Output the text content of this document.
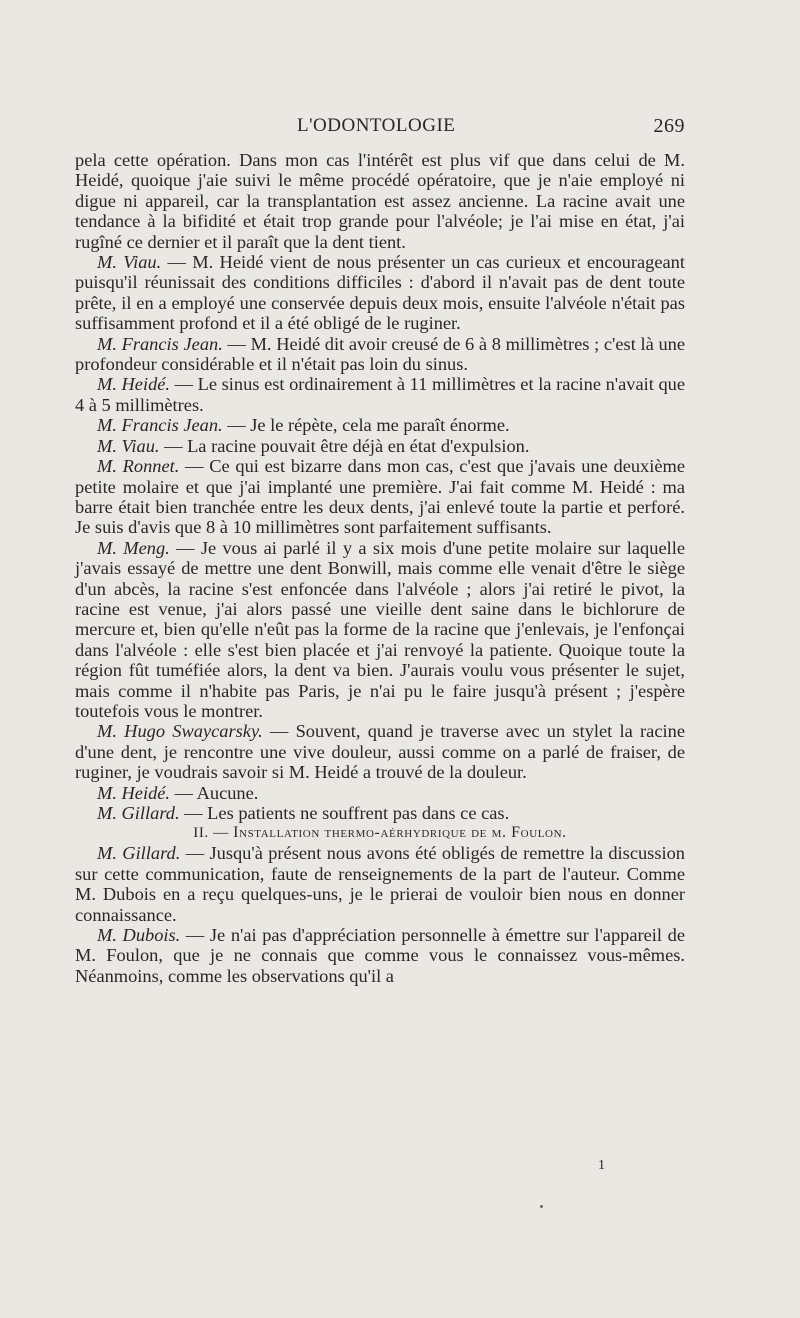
L'ODONTOLOGIE	269

pela cette opération. Dans mon cas l'intérêt est plus vif que dans celui de M. Heidé, quoique j'aie suivi le même procédé opératoire, que je n'aie employé ni digue ni appareil, car la transplantation est assez ancienne. La racine avait une tendance à la bifidité et était trop grande pour l'alvéole; je l'ai mise en état, j'ai rugîné ce dernier et il paraît que la dent tient.

M. Viau. — M. Heidé vient de nous présenter un cas curieux et encourageant puisqu'il réunissait des conditions difficiles : d'abord il n'avait pas de dent toute prête, il en a employé une conservée depuis deux mois, ensuite l'alvéole n'était pas suffisamment profond et il a été obligé de le ruginer.

M. Francis Jean. — M. Heidé dit avoir creusé de 6 à 8 millimètres ; c'est là une profondeur considérable et il n'était pas loin du sinus.

M. Heidé. — Le sinus est ordinairement à 11 millimètres et la racine n'avait que 4 à 5 millimètres.

M. Francis Jean. — Je le répète, cela me paraît énorme.

M. Viau. — La racine pouvait être déjà en état d'expulsion.

M. Ronnet. — Ce qui est bizarre dans mon cas, c'est que j'avais une deuxième petite molaire et que j'ai implanté une première. J'ai fait comme M. Heidé : ma barre était bien tranchée entre les deux dents, j'ai enlevé toute la partie et perforé. Je suis d'avis que 8 à 10 millimètres sont parfaitement suffisants.

M. Meng. — Je vous ai parlé il y a six mois d'une petite molaire sur laquelle j'avais essayé de mettre une dent Bonwill, mais comme elle venait d'être le siège d'un abcès, la racine s'est enfoncée dans l'alvéole ; alors j'ai retiré le pivot, la racine est venue, j'ai alors passé une vieille dent saine dans le bichlorure de mercure et, bien qu'elle n'eût pas la forme de la racine que j'enlevais, je l'enfonçai dans l'alvéole : elle s'est bien placée et j'ai renvoyé la patiente. Quoique toute la région fût tuméfiée alors, la dent va bien. J'aurais voulu vous présenter le sujet, mais comme il n'habite pas Paris, je n'ai pu le faire jusqu'à présent ; j'espère toutefois vous le montrer.

M. Hugo Swaycarsky. — Souvent, quand je traverse avec un stylet la racine d'une dent, je rencontre une vive douleur, aussi comme on a parlé de fraiser, de ruginer, je voudrais savoir si M. Heidé a trouvé de la douleur.

M. Heidé. — Aucune.

M. Gillard. — Les patients ne souffrent pas dans ce cas.

II. — Installation thermo-aérhydrique de m. Foulon.

M. Gillard. — Jusqu'à présent nous avons été obligés de remettre la discussion sur cette communication, faute de renseignements de la part de l'auteur. Comme M. Dubois en a reçu quelques-uns, je le prierai de vouloir bien nous en donner connaissance.

M. Dubois. — Je n'ai pas d'appréciation personnelle à émettre sur l'appareil de M. Foulon, que je ne connais que comme vous le connaissez vous-mêmes. Néanmoins, comme les observations qu'il a

1
